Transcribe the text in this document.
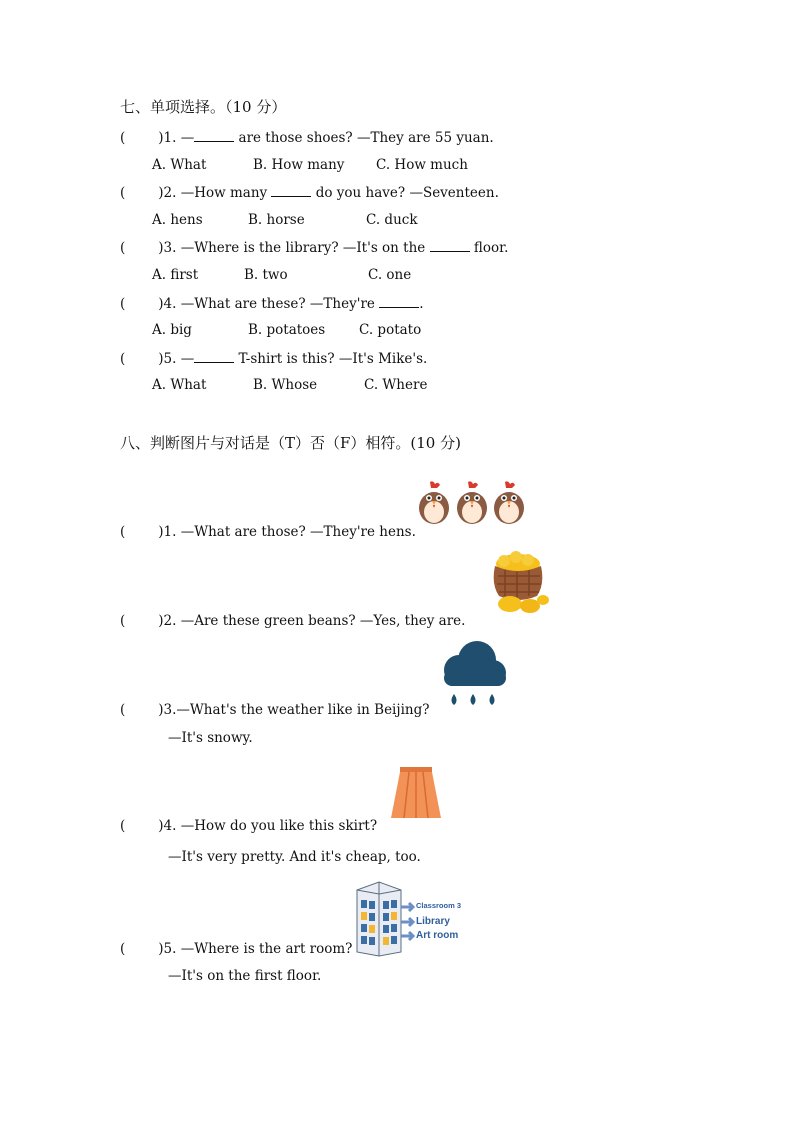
七、单项选择。（10 分）
( )1. —	are those shoes? —They are 55 yuan.
A. What	B. How many C. How much
( )2. —How many	do you have? —Seventeen.
A. hens	B. horse	C. duck
( )3. —Where is the library? —It's on the	floor.
A. first	B. two	C. one
( )4. —What are these? —They're	.
A. big	B. potatoes	C. potato
( )5. —	T-shirt is this? —It's Mike's.
A. What	B. Whose	C. Where
八、判断图片与对话是（T）否（F）相符。(10 分)
( )1. —What are those? —They're hens.
( )2. —Are these green beans? —Yes, they are.
( )3.—What's the weather like in Beijing?
—It's snowy.
( )4. —How do you like this skirt?
—It's very pretty. And it's cheap, too.
( )5. —Where is the art room?
—It's on the first floor.
Classroom 3
Library
Art room
